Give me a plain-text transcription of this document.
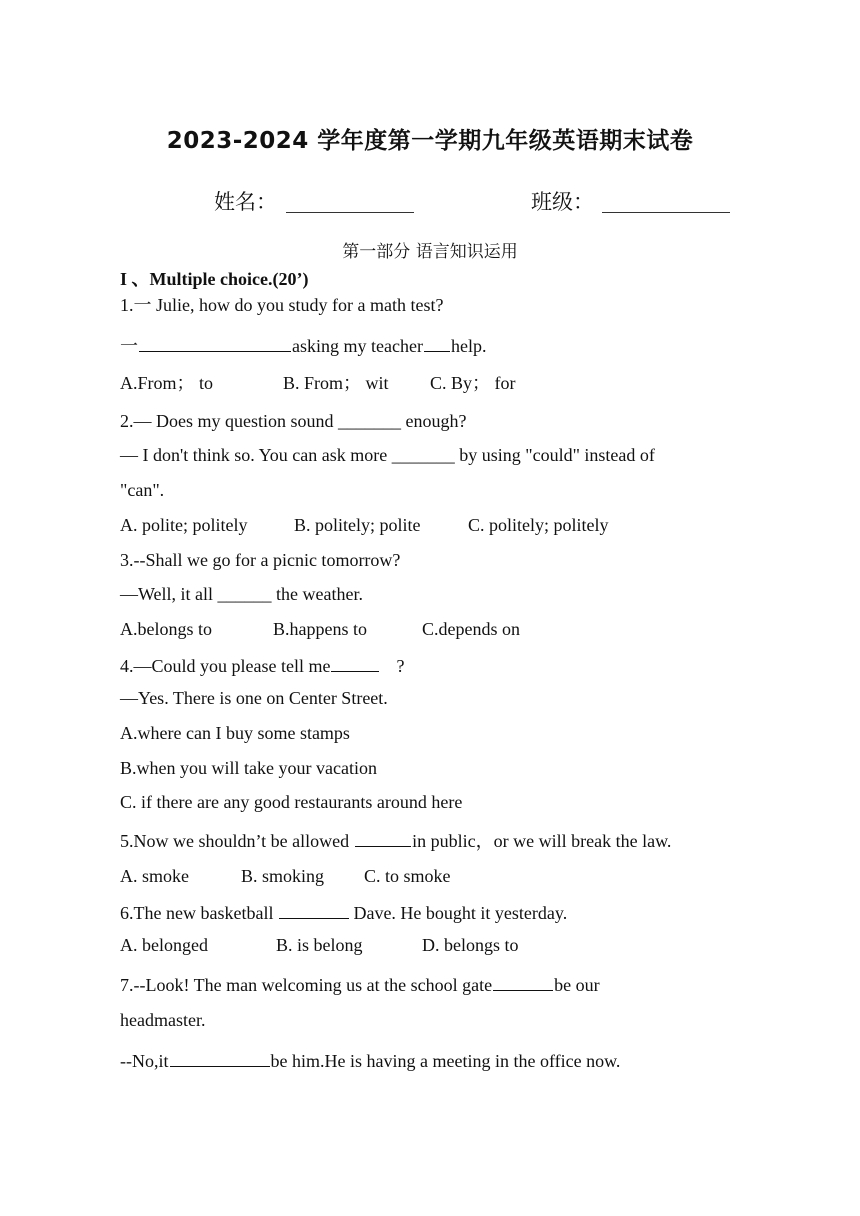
2023-2024 学年度第一学期九年级英语期末试卷
姓名：	班级：
第一部分 语言知识运用
I 、Multiple choice.(20’)
1.一 Julie, how do you study for a math test?
一	asking my teacher help.
A.From； to	B. From； wit C. By； for
2.— Does my question sound _______ enough?
— I don't think so. You can ask more _______ by using "could" instead of
"can".
A. polite; politely	B. politely; polite	C. politely; politely
3.--Shall we go for a picnic tomorrow?
—Well, it all ______ the weather.
A.belongs to	B.happens to	C.depends on
4.—Could you please tell me	?
—Yes. There is one on Center Street.
A.where can I buy some stamps
B.when you will take your vacation
C. if there are any good restaurants around here
5.Now we shouldn’t be allowed	in public，or we will break the law.
A. smoke	B. smoking C. to smoke
6.The new basketball	Dave. He bought it yesterday.
A. belonged	B. is belong	D. belongs to
7.--Look! The man welcoming us at the school gate	be our
headmaster.
--No,it	be him.He is having a meeting in the office now.
